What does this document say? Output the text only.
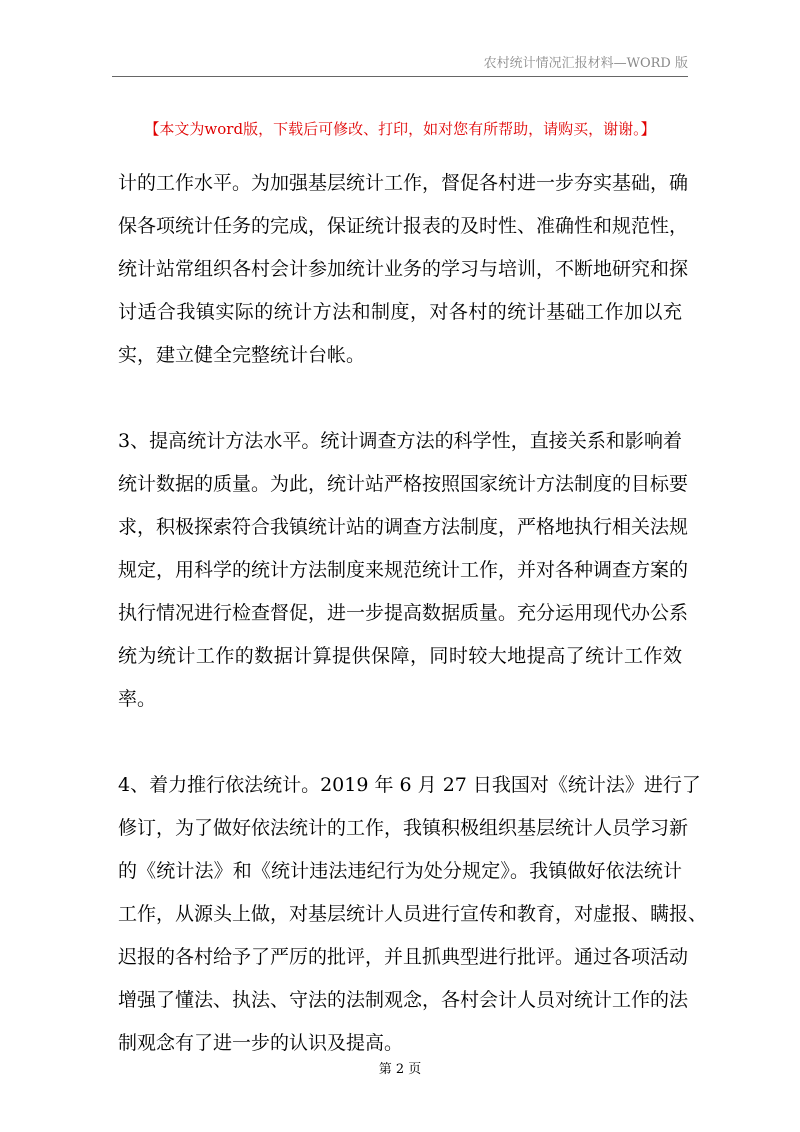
农村统计情况汇报材料—WORD 版
【本文为word版，下载后可修改、打印，如对您有所帮助，请购买，谢谢。】
计的工作水平。为加强基层统计工作，督促各村进一步夯实基础，确
保各项统计任务的完成，保证统计报表的及时性、准确性和规范性，
统计站常组织各村会计参加统计业务的学习与培训，不断地研究和探
讨适合我镇实际的统计方法和制度，对各村的统计基础工作加以充
实，建立健全完整统计台帐。
3、提高统计方法水平。统计调查方法的科学性，直接关系和影响着
统计数据的质量。为此，统计站严格按照国家统计方法制度的目标要
求，积极探索符合我镇统计站的调查方法制度，严格地执行相关法规
规定，用科学的统计方法制度来规范统计工作，并对各种调查方案的
执行情况进行检查督促，进一步提高数据质量。充分运用现代办公系
统为统计工作的数据计算提供保障，同时较大地提高了统计工作效
率。
4、着力推行依法统计。2019 年 6 月 27 日我国对《统计法》进行了
修订，为了做好依法统计的工作，我镇积极组织基层统计人员学习新
的《统计法》和《统计违法违纪行为处分规定》。我镇做好依法统计
工作，从源头上做，对基层统计人员进行宣传和教育，对虚报、瞒报、
迟报的各村给予了严厉的批评，并且抓典型进行批评。通过各项活动
增强了懂法、执法、守法的法制观念，各村会计人员对统计工作的法
制观念有了进一步的认识及提高。
第 2 页
